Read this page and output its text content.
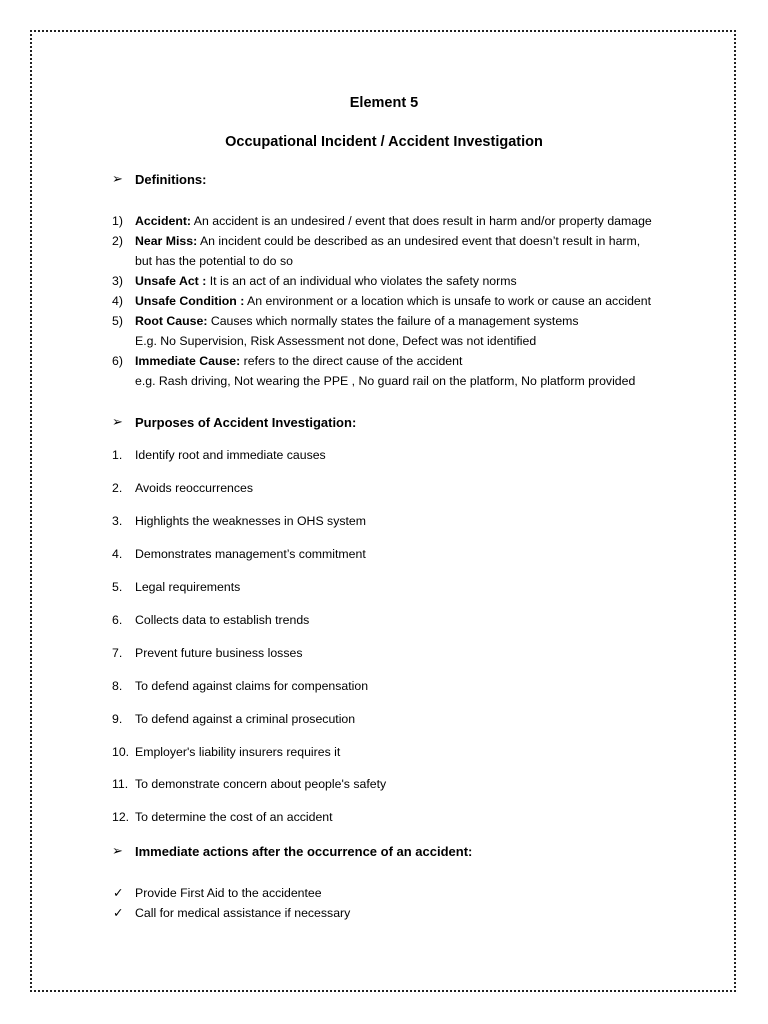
Element 5
Occupational Incident / Accident Investigation
➢ Definitions:
1) Accident: An accident is an undesired / event that does result in harm and/or property damage
2) Near Miss: An incident could be described as an undesired event that doesn’t result in harm,
but has the potential to do so
3) Unsafe Act : It is an act of an individual who violates the safety norms
4) Unsafe Condition : An environment or a location which is unsafe to work or cause an accident
5) Root Cause: Causes which normally states the failure of a management systems
E.g. No Supervision, Risk Assessment not done, Defect was not identified
6) Immediate Cause: refers to the direct cause of the accident
e.g. Rash driving, Not wearing the PPE , No guard rail on the platform, No platform provided
➢ Purposes of Accident Investigation:
1. Identify root and immediate causes
2. Avoids reoccurrences
3. Highlights the weaknesses in OHS system
4. Demonstrates management’s commitment
5. Legal requirements
6. Collects data to establish trends
7. Prevent future business losses
8. To defend against claims for compensation
9. To defend against a criminal prosecution
10. Employer's liability insurers requires it
11. To demonstrate concern about people's safety
12. To determine the cost of an accident
➢ Immediate actions after the occurrence of an accident:
✓ Provide First Aid to the accidentee
✓ Call for medical assistance if necessary
